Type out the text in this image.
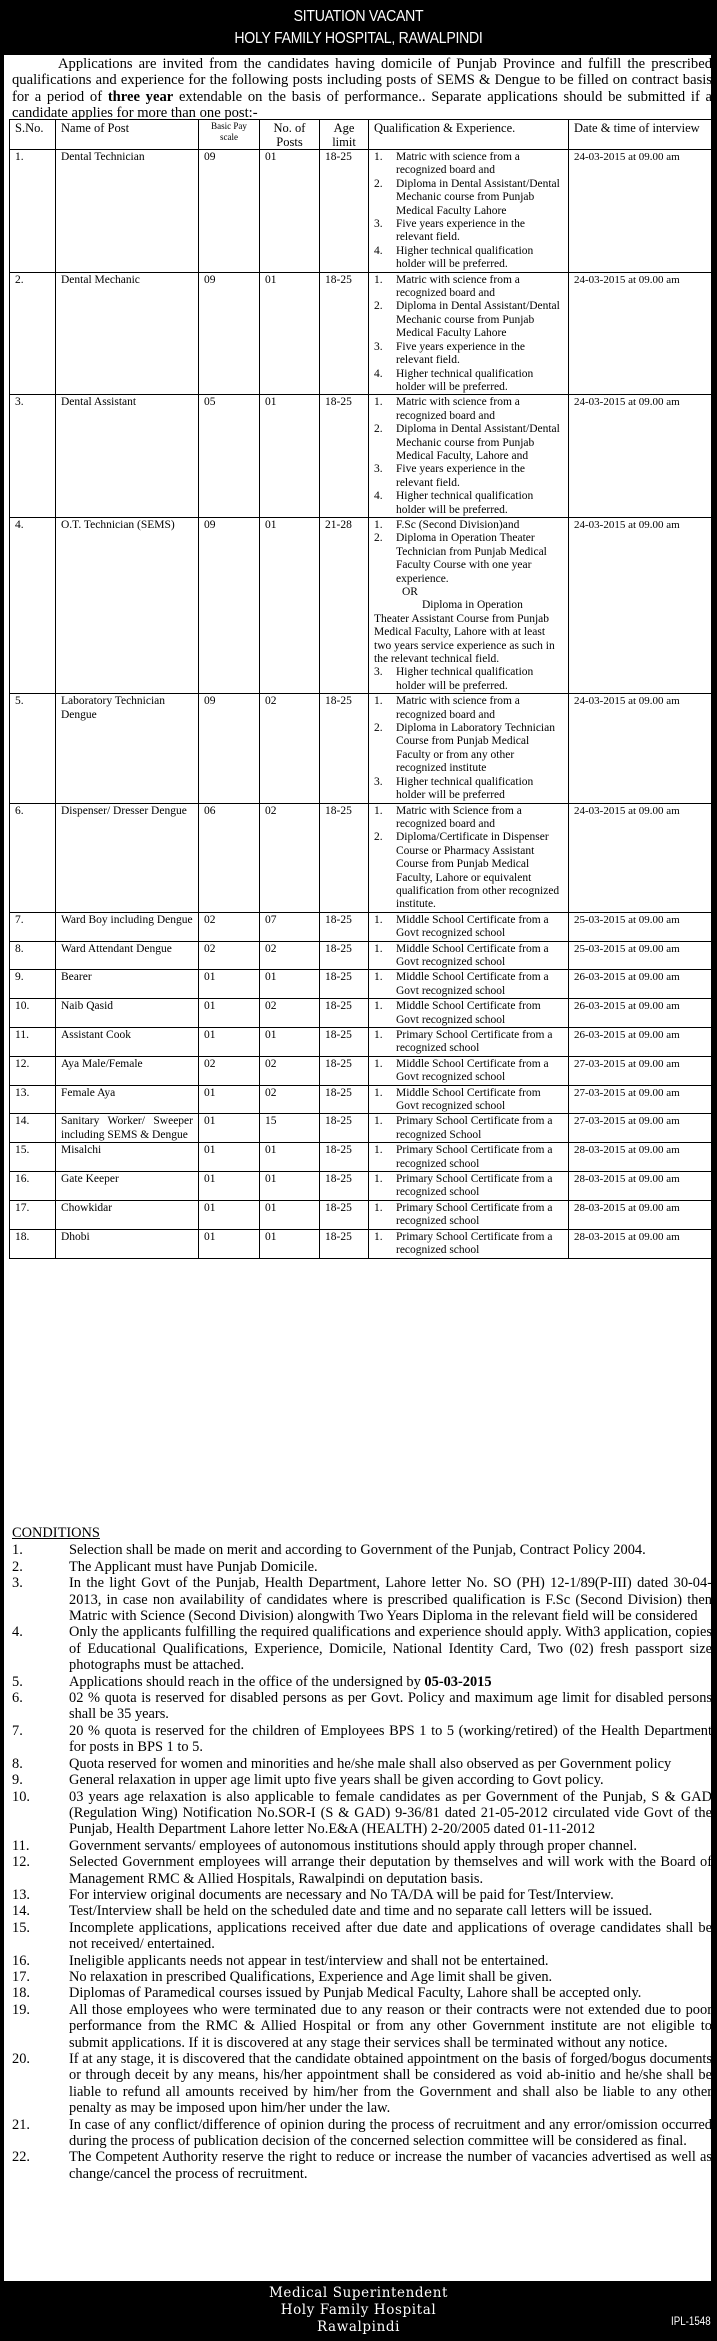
SITUATION VACANT
HOLY FAMILY HOSPITAL, RAWALPINDI
Applications are invited from the candidates having domicile of Punjab Province and fulfill the prescribed qualifications and experience for the following posts including posts of SEMS & Dengue to be filled on contract basis for a period of three year extendable on the basis of performance.. Separate applications should be submitted if a candidate applies for more than one post:-
S.No.	Name of Post	Basic Pay scale	No. of Posts	Age limit	Qualification & Experience.	Date & time of interview
1.	Dental Technician	09	01	18-25	1. Matric with science from a recognized board and
2. Diploma in Dental Assistant/Dental Mechanic course from Punjab Medical Faculty Lahore
3. Five years experience in the relevant field.
4. Higher technical qualification holder will be preferred.
	24-03-2015 at 09.00 am
2.	Dental Mechanic	09	01	18-25	1. Matric with science from a recognized board and
2. Diploma in Dental Assistant/Dental Mechanic course from Punjab Medical Faculty Lahore
3. Five years experience in the relevant field.
4. Higher technical qualification holder will be preferred.
	24-03-2015 at 09.00 am
3.	Dental Assistant	05	01	18-25	1. Matric with science from a recognized board and
2. Diploma in Dental Assistant/Dental Mechanic course from Punjab Medical Faculty, Lahore and
3. Five years experience in the relevant field.
4. Higher technical qualification holder will be preferred.
	24-03-2015 at 09.00 am
4.	O.T. Technician (SEMS)	09	01	21-28	1. F.Sc (Second Division)and
2. Diploma in Operation Theater Technician from Punjab Medical Faculty Course with one year experience.
OR
Diploma in Operation
Theater Assistant Course from Punjab Medical Faculty, Lahore with at least two years service experience as such in the relevant technical field.
3. Higher technical qualification holder will be preferred.
	24-03-2015 at 09.00 am
5.	Laboratory Technician Dengue	09	02	18-25	1. Matric with science from a recognized board and
2. Diploma in Laboratory Technician Course from Punjab Medical Faculty or from any other recognized institute
3. Higher technical qualification holder will be preferred
	24-03-2015 at 09.00 am
6.	Dispenser/ Dresser Dengue	06	02	18-25	1. Matric with Science from a recognized board and
2. Diploma/Certificate in Dispenser Course or Pharmacy Assistant Course from Punjab Medical Faculty, Lahore or equivalent qualification from other recognized institute.
	24-03-2015 at 09.00 am
7.	Ward Boy including Dengue	02	07	18-25	1. Middle School Certificate from a Govt recognized school
	25-03-2015 at 09.00 am
8.	Ward Attendant Dengue	02	02	18-25	1. Middle School Certificate from a Govt recognized school
	25-03-2015 at 09.00 am
9.	Bearer	01	01	18-25	1. Middle School Certificate from a Govt recognized school
	26-03-2015 at 09.00 am
10.	Naib Qasid	01	02	18-25	1. Middle School Certificate from Govt recognized school
	26-03-2015 at 09.00 am
11.	Assistant Cook	01	01	18-25	1. Primary School Certificate from a recognized school
	26-03-2015 at 09.00 am
12.	Aya Male/Female	02	02	18-25	1. Middle School Certificate from a Govt recognized school
	27-03-2015 at 09.00 am
13.	Female Aya	01	02	18-25	1. Middle School Certificate from Govt recognized school
	27-03-2015 at 09.00 am
14.	Sanitary Worker/ Sweeper including SEMS & Dengue	01	15	18-25	1. Primary School Certificate from a recognized School
	27-03-2015 at 09.00 am
15.	Misalchi	01	01	18-25	1. Primary School Certificate from a recognized school
	28-03-2015 at 09.00 am
16.	Gate Keeper	01	01	18-25	1. Primary School Certificate from a recognized school
	28-03-2015 at 09.00 am
17.	Chowkidar	01	01	18-25	1. Primary School Certificate from a recognized school
	28-03-2015 at 09.00 am
18.	Dhobi	01	01	18-25	1. Primary School Certificate from a recognized school
	28-03-2015 at 09.00 am
CONDITIONS
1.	Selection shall be made on merit and according to Government of the Punjab, Contract Policy 2004.
2.	The Applicant must have Punjab Domicile.
3.	In the light Govt of the Punjab, Health Department, Lahore letter No. SO (PH) 12-1/89(P-III) dated 30-04-2013, in case non availability of candidates where is prescribed qualification is F.Sc (Second Division) then Matric with Science (Second Division) alongwith Two Years Diploma in the relevant field will be considered
4.	Only the applicants fulfilling the required qualifications and experience should apply. With3 application, copies of Educational Qualifications, Experience, Domicile, National Identity Card, Two (02) fresh passport size photographs must be attached.
5.	Applications should reach in the office of the undersigned by 05-03-2015
6.	02 % quota is reserved for disabled persons as per Govt. Policy and maximum age limit for disabled persons shall be 35 years.
7.	20 % quota is reserved for the children of Employees BPS 1 to 5 (working/retired) of the Health Department for posts in BPS 1 to 5.
8.	Quota reserved for women and minorities and he/she male shall also observed as per Government policy
9.	General relaxation in upper age limit upto five years shall be given according to Govt policy.
10.	03 years age relaxation is also applicable to female candidates as per Government of the Punjab, S & GAD (Regulation Wing) Notification No.SOR-I (S & GAD) 9-36/81 dated 21-05-2012 circulated vide Govt of the Punjab, Health Department Lahore letter No.E&A (HEALTH) 2-20/2005 dated 01-11-2012
11.	Government servants/ employees of autonomous institutions should apply through proper channel.
12.	Selected Government employees will arrange their deputation by themselves and will work with the Board of Management RMC & Allied Hospitals, Rawalpindi on deputation basis.
13.	For interview original documents are necessary and No TA/DA will be paid for Test/Interview.
14.	Test/Interview shall be held on the scheduled date and time and no separate call letters will be issued.
15.	Incomplete applications, applications received after due date and applications of overage candidates shall be not received/ entertained.
16.	Ineligible applicants needs not appear in test/interview and shall not be entertained.
17.	No relaxation in prescribed Qualifications, Experience and Age limit shall be given.
18.	Diplomas of Paramedical courses issued by Punjab Medical Faculty, Lahore shall be accepted only.
19.	All those employees who were terminated due to any reason or their contracts were not extended due to poor performance from the RMC & Allied Hospital or from any other Government institute are not eligible to submit applications. If it is discovered at any stage their services shall be terminated without any notice.
20.	If at any stage, it is discovered that the candidate obtained appointment on the basis of forged/bogus documents or through deceit by any means, his/her appointment shall be considered as void ab-initio and he/she shall be liable to refund all amounts received by him/her from the Government and shall also be liable to any other penalty as may be imposed upon him/her under the law.
21.	In case of any conflict/difference of opinion during the process of recruitment and any error/omission occurred during the process of publication decision of the concerned selection committee will be considered as final.
22.	The Competent Authority reserve the right to reduce or increase the number of vacancies advertised as well as change/cancel the process of recruitment.
Medical Superintendent
Holy Family Hospital
Rawalpindi	IPL-1548
